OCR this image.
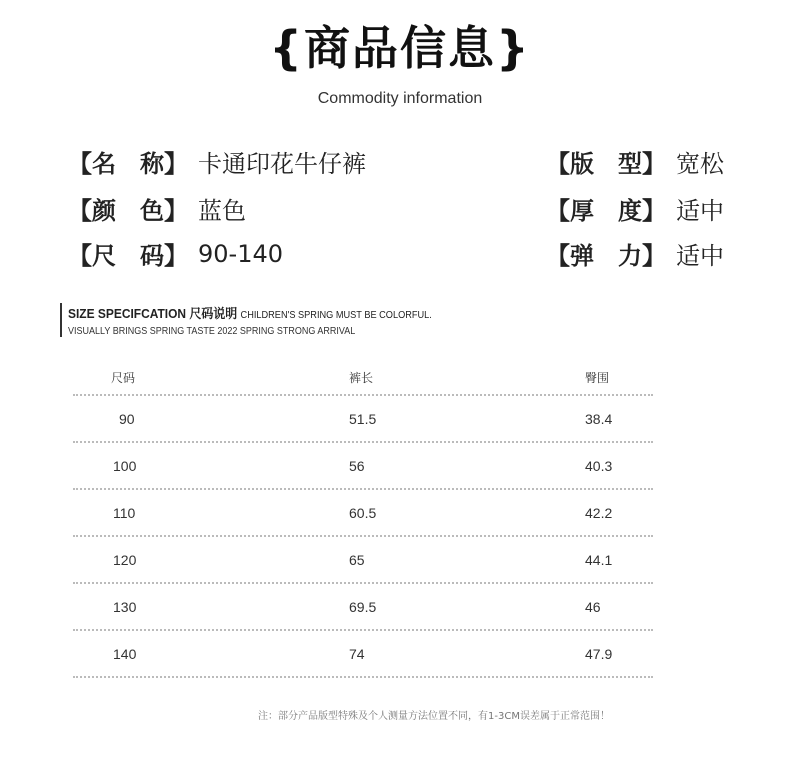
{商品信息}
Commodity information
【名 称】 卡通印花牛仔裤	【版 型】 宽松
【颜 色】 蓝色	【厚 度】 适中
【尺 码】 90-140	【弹 力】 适中
SIZE SPECIFCATION 尺码说明 CHILDREN'S SPRING MUST BE COLORFUL.
VISUALLY BRINGS SPRING TASTE 2022 SPRING STRONG ARRIVAL
尺码	裤长	臀围
90	51.5	38.4
100	56	40.3
110	60.5	42.2
120	65	44.1
130	69.5	46
140	74	47.9
注：部分产品版型特殊及个人测量方法位置不同，有1-3CM误差属于正常范围！
